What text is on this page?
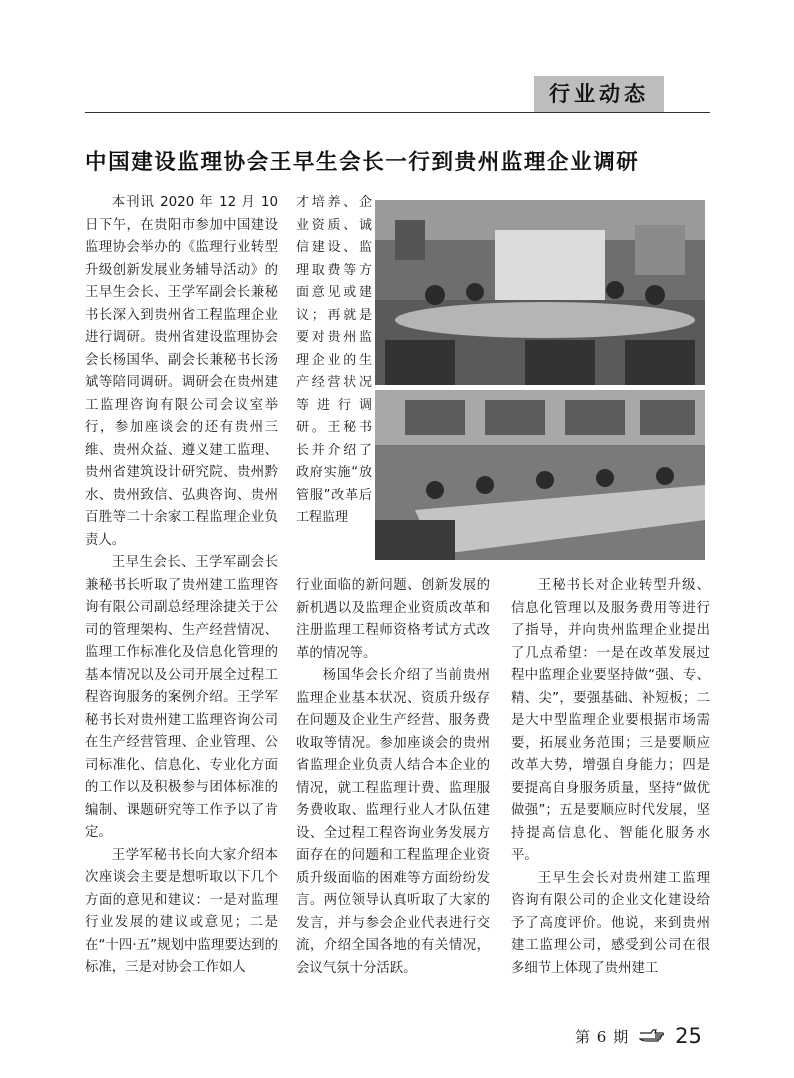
行业动态
中国建设监理协会王早生会长一行到贵州监理企业调研

本刊讯 2020 年 12 月 10 日下午，在贵阳市参加中国建设监理协会举办的《监理行业转型升级创新发展业务辅导活动》的王早生会长、王学军副会长兼秘书长深入到贵州省工程监理企业进行调研。贵州省建设监理协会会长杨国华、副会长兼秘书长汤斌等陪同调研。调研会在贵州建工监理咨询有限公司会议室举行，参加座谈会的还有贵州三维、贵州众益、遵义建工监理、贵州省建筑设计研究院、贵州黔水、贵州致信、弘典咨询、贵州百胜等二十余家工程监理企业负责人。

王早生会长、王学军副会长兼秘书长听取了贵州建工监理咨询有限公司副总经理涂捷关于公司的管理架构、生产经营情况、监理工作标准化及信息化管理的基本情况以及公司开展全过程工程咨询服务的案例介绍。王学军秘书长对贵州建工监理咨询公司在生产经营管理、企业管理、公司标准化、信息化、专业化方面的工作以及积极参与团体标准的编制、课题研究等工作予以了肯定。

王学军秘书长向大家介绍本次座谈会主要是想听取以下几个方面的意见和建议：一是对监理行业发展的建议或意见；二是在“十四·五”规划中监理要达到的标准，三是对协会工作如人

才培养、企业资质、诚信建设、监理取费等方面意见或建议；再就是要对贵州监理企业的生产经营状况等进行调研。王秘书长并介绍了政府实施“放管服”改革后工程监理

行业面临的新问题、创新发展的新机遇以及监理企业资质改革和注册监理工程师资格考试方式改革的情况等。

杨国华会长介绍了当前贵州监理企业基本状况、资质升级存在问题及企业生产经营、服务费收取等情况。参加座谈会的贵州省监理企业负责人结合本企业的情况，就工程监理计费、监理服务费收取、监理行业人才队伍建设、全过程工程咨询业务发展方面存在的问题和工程监理企业资质升级面临的困难等方面纷纷发言。两位领导认真听取了大家的发言，并与参会企业代表进行交流，介绍全国各地的有关情况，会议气氛十分活跃。

王秘书长对企业转型升级、信息化管理以及服务费用等进行了指导，并向贵州监理企业提出了几点希望：一是在改革发展过程中监理企业要坚持做“强、专、精、尖”，要强基础、补短板；二是大中型监理企业要根据市场需要，拓展业务范围；三是要顺应改革大势，增强自身能力；四是要提高自身服务质量，坚持“做优做强”；五是要顺应时代发展，坚持提高信息化、智能化服务水平。

王早生会长对贵州建工监理咨询有限公司的企业文化建设给予了高度评价。他说，来到贵州建工监理公司，感受到公司在很多细节上体现了贵州建工

第 6 期 25
